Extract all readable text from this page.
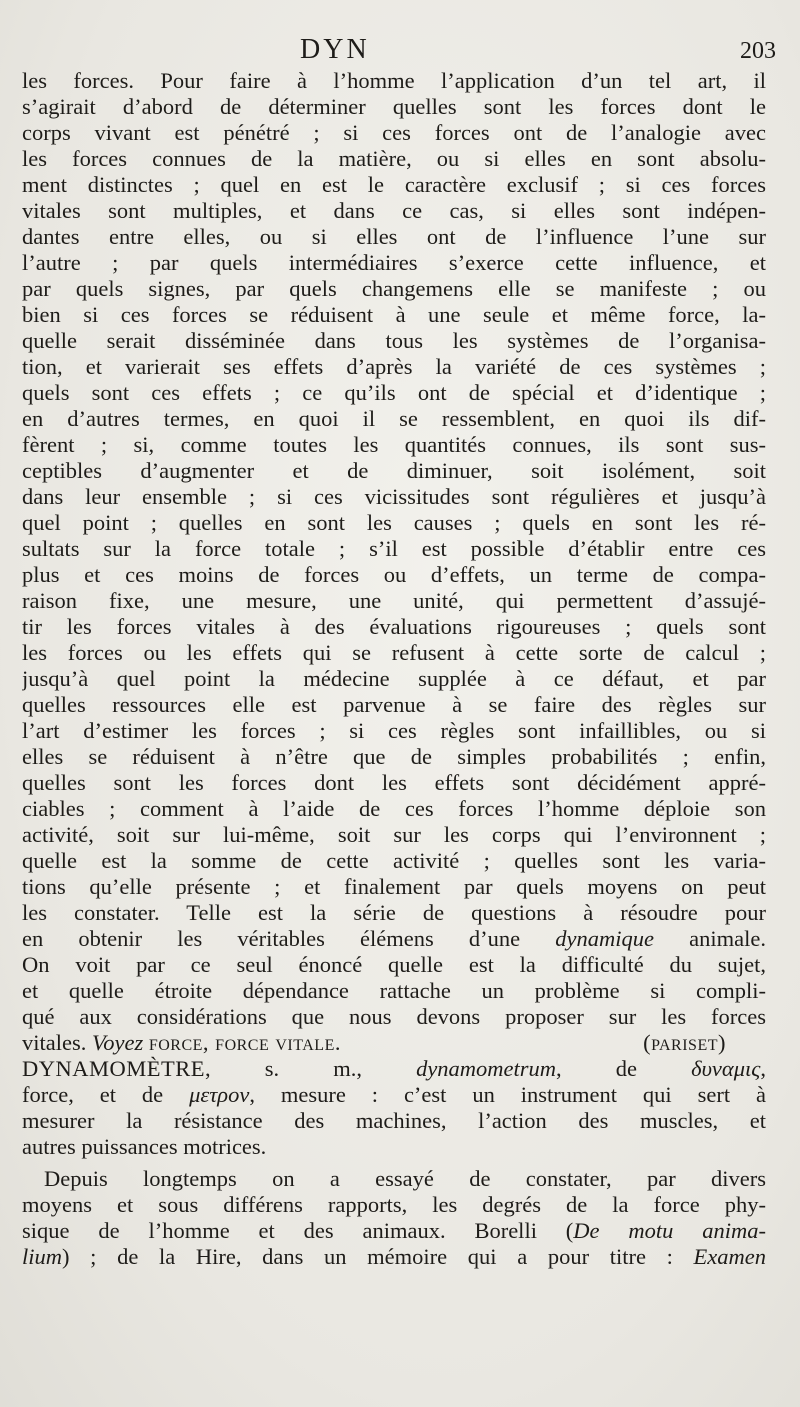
DYN	203
les forces. Pour faire à l’homme l’application d’un tel art, il
s’agirait d’abord de déterminer quelles sont les forces dont le
corps vivant est pénétré ; si ces forces ont de l’analogie avec
les forces connues de la matière, ou si elles en sont absolu-
ment distinctes ; quel en est le caractère exclusif ; si ces forces
vitales sont multiples, et dans ce cas, si elles sont indépen-
dantes entre elles, ou si elles ont de l’influence l’une sur
l’autre ; par quels intermédiaires s’exerce cette influence, et
par quels signes, par quels changemens elle se manifeste ; ou
bien si ces forces se réduisent à une seule et même force, la-
quelle serait disséminée dans tous les systèmes de l’organisa-
tion, et varierait ses effets d’après la variété de ces systèmes ;
quels sont ces effets ; ce qu’ils ont de spécial et d’identique ;
en d’autres termes, en quoi il se ressemblent, en quoi ils dif-
fèrent ; si, comme toutes les quantités connues, ils sont sus-
ceptibles d’augmenter et de diminuer, soit isolément, soit
dans leur ensemble ; si ces vicissitudes sont régulières et jusqu’à
quel point ; quelles en sont les causes ; quels en sont les ré-
sultats sur la force totale ; s’il est possible d’établir entre ces
plus et ces moins de forces ou d’effets, un terme de compa-
raison fixe, une mesure, une unité, qui permettent d’assujé-
tir les forces vitales à des évaluations rigoureuses ; quels sont
les forces ou les effets qui se refusent à cette sorte de calcul ;
jusqu’à quel point la médecine supplée à ce défaut, et par
quelles ressources elle est parvenue à se faire des règles sur
l’art d’estimer les forces ; si ces règles sont infaillibles, ou si
elles se réduisent à n’être que de simples probabilités ; enfin,
quelles sont les forces dont les effets sont décidément appré-
ciables ; comment à l’aide de ces forces l’homme déploie son
activité, soit sur lui-même, soit sur les corps qui l’environnent ;
quelle est la somme de cette activité ; quelles sont les varia-
tions qu’elle présente ; et finalement par quels moyens on peut
les constater. Telle est la série de questions à résoudre pour
en obtenir les véritables élémens d’une dynamique animale.
On voit par ce seul énoncé quelle est la difficulté du sujet,
et quelle étroite dépendance rattache un problème si compli-
qué aux considérations que nous devons proposer sur les forces
vitales. Voyez force, force vitale.	(pariset)
DYNAMOMÈTRE, s. m., dynamometrum, de δυναμις,
force, et de μετρον, mesure : c’est un instrument qui sert à
mesurer la résistance des machines, l’action des muscles, et
autres puissances motrices.
Depuis longtemps on a essayé de constater, par divers
moyens et sous différens rapports, les degrés de la force phy-
sique de l’homme et des animaux. Borelli (De motu anima-
lium) ; de la Hire, dans un mémoire qui a pour titre : Examen
